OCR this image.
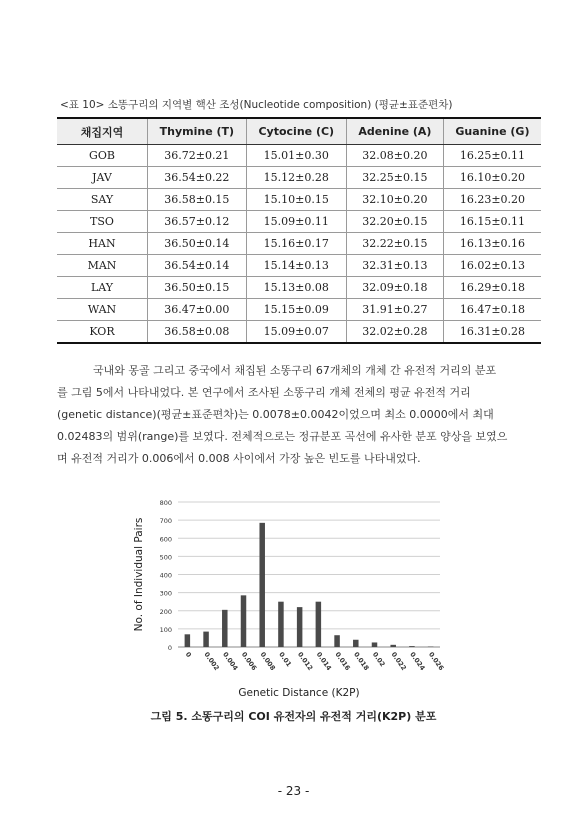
<표 10> 소똥구리의 지역별 핵산 조성(Nucleotide composition) (평균±표준편차)
채집지역	Thymine (T)	Cytocine (C)	Adenine (A)	Guanine (G)
GOB	36.72±0.21	15.01±0.30	32.08±0.20	16.25±0.11
JAV	36.54±0.22	15.12±0.28	32.25±0.15	16.10±0.20
SAY	36.58±0.15	15.10±0.15	32.10±0.20	16.23±0.20
TSO	36.57±0.12	15.09±0.11	32.20±0.15	16.15±0.11
HAN	36.50±0.14	15.16±0.17	32.22±0.15	16.13±0.16
MAN	36.54±0.14	15.14±0.13	32.31±0.13	16.02±0.13
LAY	36.50±0.15	15.13±0.08	32.09±0.18	16.29±0.18
WAN	36.47±0.00	15.15±0.09	31.91±0.27	16.47±0.18
KOR	36.58±0.08	15.09±0.07	32.02±0.28	16.31±0.28
국내와 몽골 그리고 중국에서 채집된 소똥구리 67개체의 개체 간 유전적 거리의 분포
를 그림 5에서 나타내었다. 본 연구에서 조사된 소똥구리 개체 전체의 평균 유전적 거리
(genetic distance)(평균±표준편차)는 0.0078±0.0042이었으며 최소 0.0000에서 최대
0.02483의 범위(range)를 보였다. 전체적으로는 정규분포 곡선에 유사한 분포 양상을 보였으
며 유전적 거리가 0.006에서 0.008 사이에서 가장 높은 빈도를 나타내었다.
0
100
200
300
400
500
600
700
800
0 0.002 0.004 0.006 0.008 0.01 0.012 0.014 0.016 0.018 0.02 0.022 0.024 0.026
Genetic Distance (K2P)
No. of Individual Pairs
그림 5. 소똥구리의 COI 유전자의 유전적 거리(K2P) 분포
- 23 -
